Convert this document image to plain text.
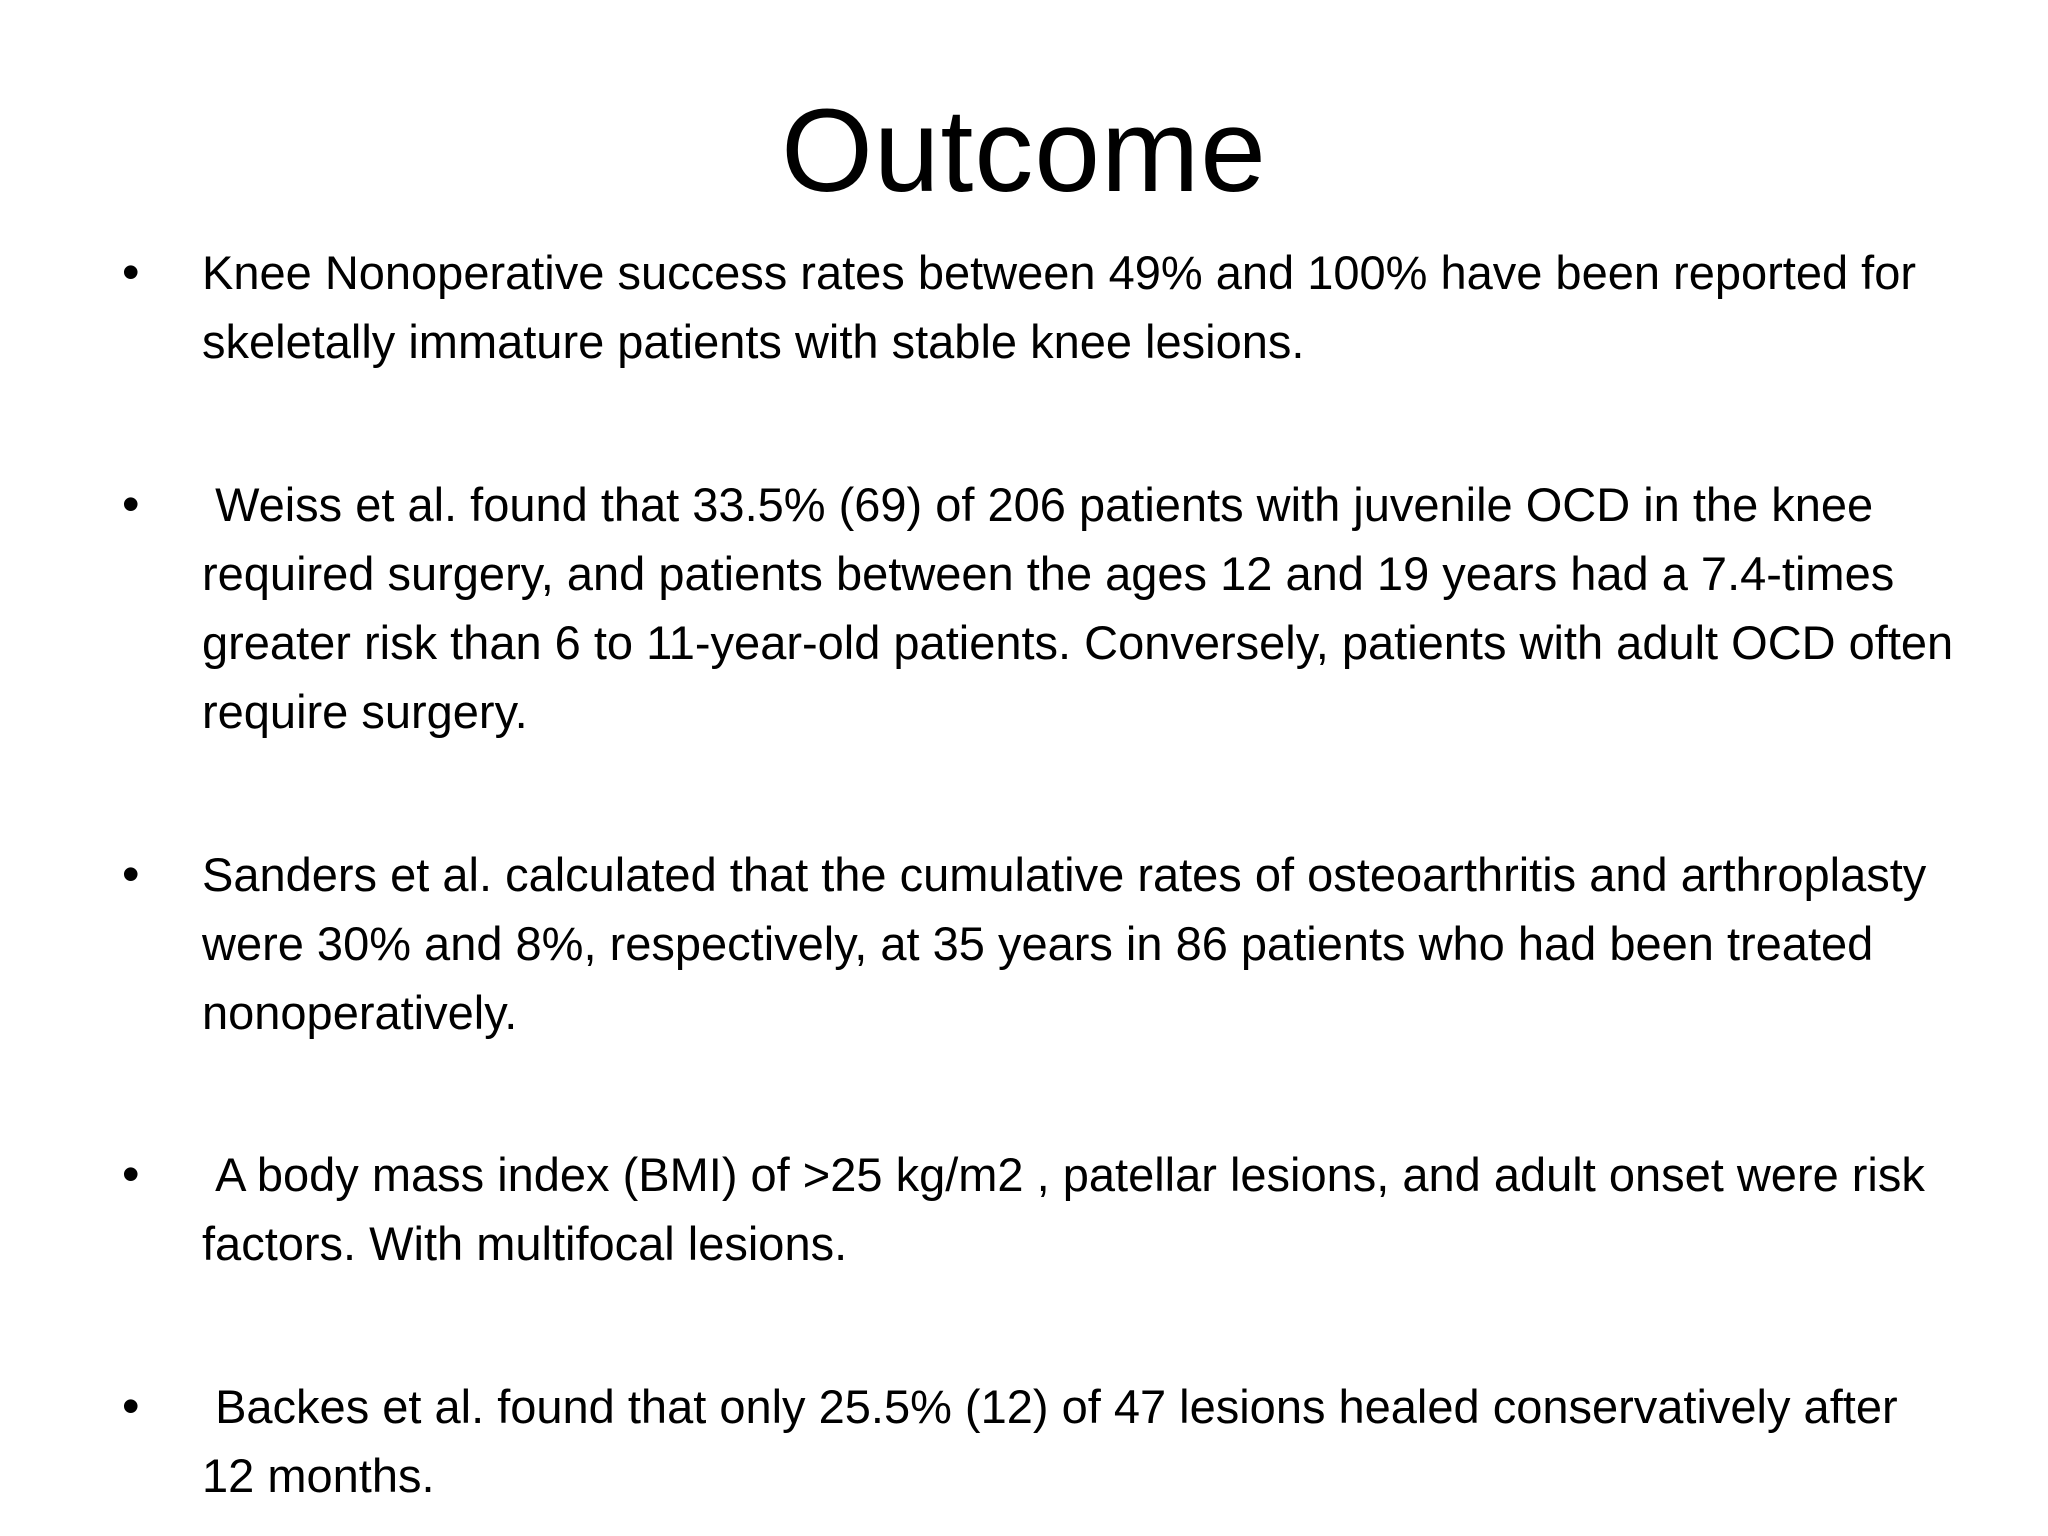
Outcome
•	Knee Nonoperative success rates between 49% and 100% have been reported for skeletally immature patients with stable knee lesions.
•	Weiss et al. found that 33.5% (69) of 206 patients with juvenile OCD in the knee required surgery, and patients between the ages 12 and 19 years had a 7.4-times greater risk than 6 to 11-year-old patients. Conversely, patients with adult OCD often require surgery.
•	Sanders et al. calculated that the cumulative rates of osteoarthritis and arthroplasty were 30% and 8%, respectively, at 35 years in 86 patients who had been treated nonoperatively.
•	A body mass index (BMI) of >25 kg/m2 , patellar lesions, and adult onset were risk factors. With multifocal lesions.
•	Backes et al. found that only 25.5% (12) of 47 lesions healed conservatively after 12 months.
